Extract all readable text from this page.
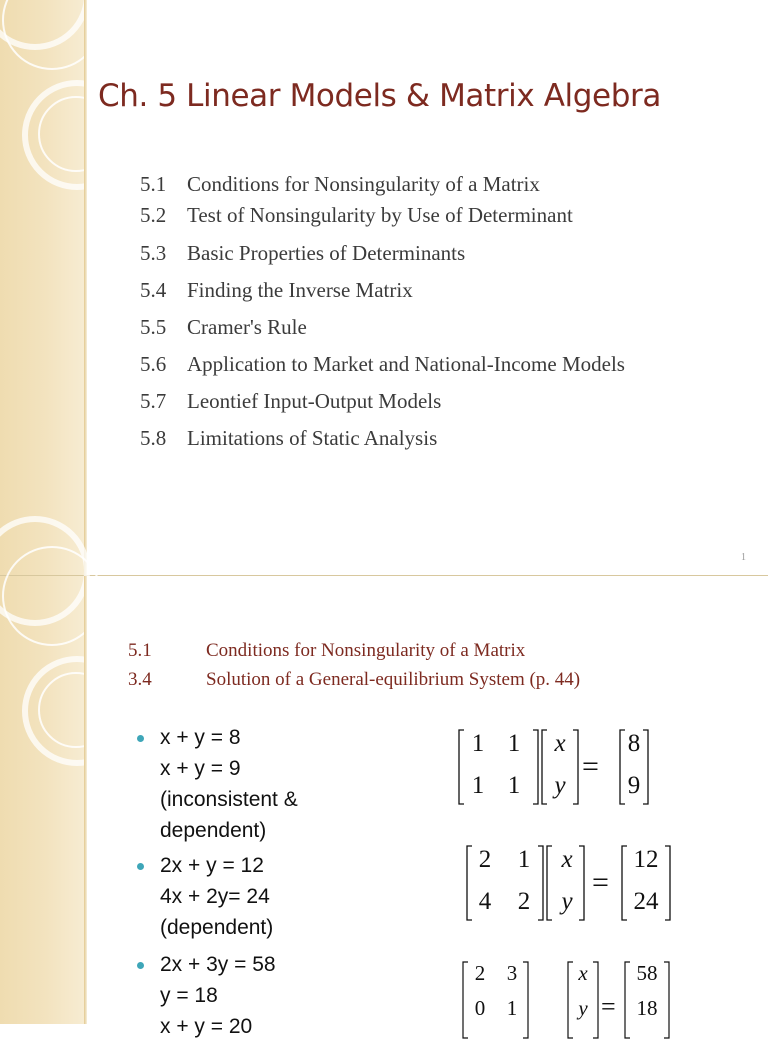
Ch. 5 Linear Models & Matrix Algebra
5.1 Conditions for Nonsingularity of a Matrix
5.2 Test of Nonsingularity by Use of Determinant
5.3 Basic Properties of Determinants
5.4 Finding the Inverse Matrix
5.5 Cramer's Rule
5.6 Application to Market and National-Income Models
5.7 Leontief Input-Output Models
5.8 Limitations of Static Analysis
1
5.1	Conditions for Nonsingularity of a Matrix
3.4	Solution of a General-equilibrium System (p. 44)
x + y = 8
x + y = 9
(inconsistent &
dependent)
2x + y = 12
4x + 2y= 24
(dependent)
2x + 3y = 58
y = 18
x + y = 20
1 1
1 1
x
y
=
8
9
2 1
4 2
x
y
=
12
24
2 3
0 1
x
y =
58
18
